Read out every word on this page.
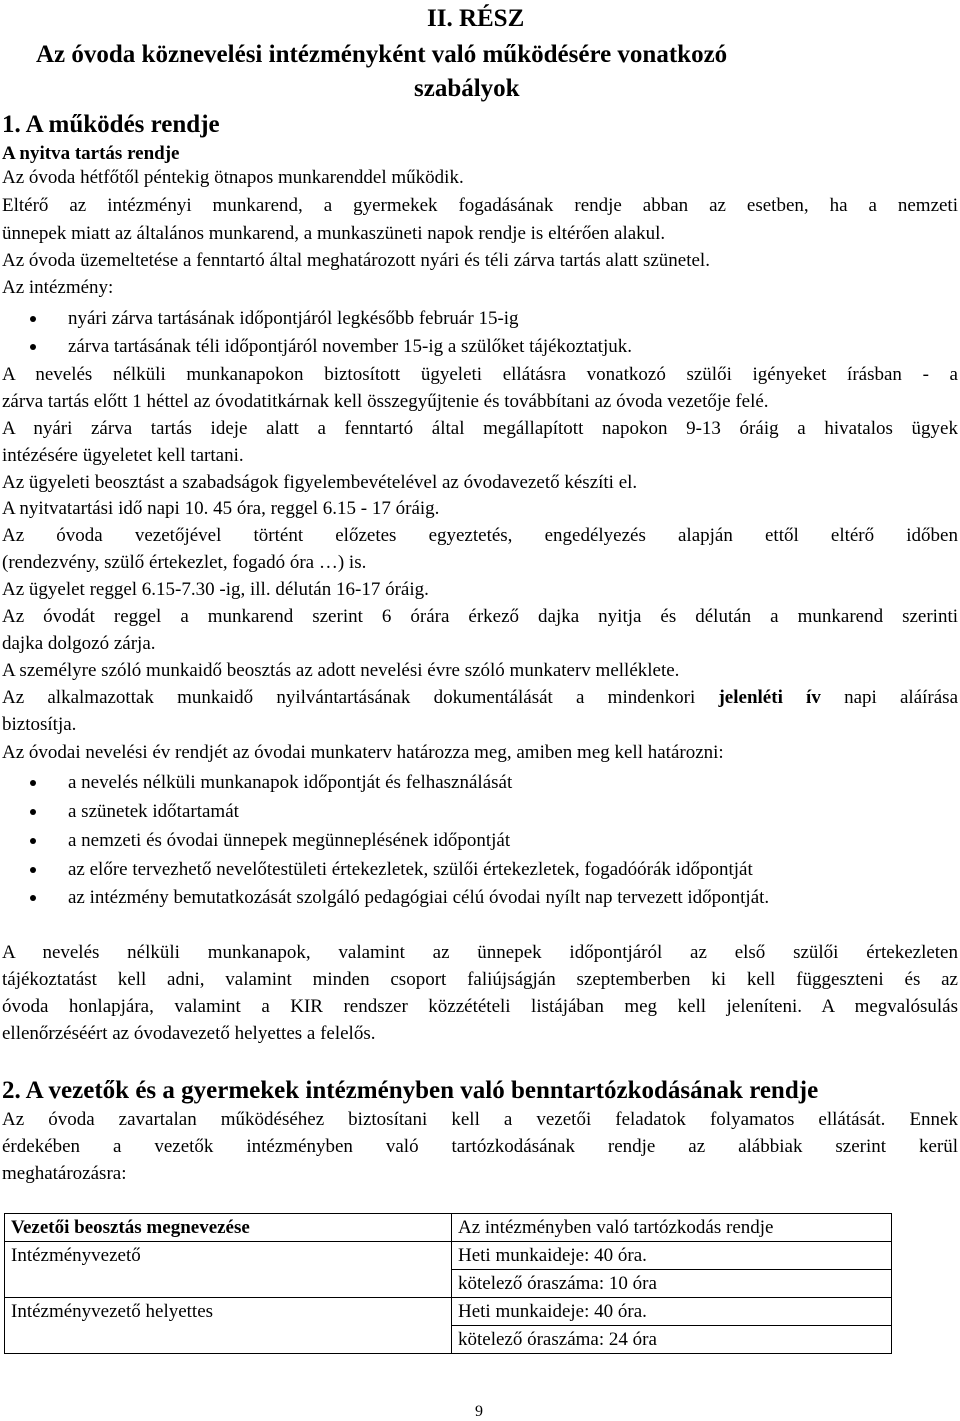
II. RÉSZ
Az óvoda köznevelési intézményként való működésére vonatkozó
szabályok
1. A működés rendje
A nyitva tartás rendje
Az óvoda hétfőtől péntekig ötnapos munkarenddel működik.
Eltérő az intézményi munkarend, a gyermekek fogadásának rendje abban az esetben, ha a nemzeti
ünnepek miatt az általános munkarend, a munkaszüneti napok rendje is eltérően alakul.
Az óvoda üzemeltetése a fenntartó által meghatározott nyári és téli zárva tartás alatt szünetel.
Az intézmény:
nyári zárva tartásának időpontjáról legkésőbb február 15-ig
zárva tartásának téli időpontjáról november 15-ig a szülőket tájékoztatjuk.
A nevelés nélküli munkanapokon biztosított ügyeleti ellátásra vonatkozó szülői igényeket írásban - a
zárva tartás előtt 1 héttel az óvodatitkárnak kell összegyűjtenie és továbbítani az óvoda vezetője felé.
A nyári zárva tartás ideje alatt a fenntartó által megállapított napokon 9-13 óráig a hivatalos ügyek
intézésére ügyeletet kell tartani.
Az ügyeleti beosztást a szabadságok figyelembevételével az óvodavezető készíti el.
A nyitvatartási idő napi 10. 45 óra, reggel 6.15 - 17 óráig.
Az óvoda vezetőjével történt előzetes egyeztetés, engedélyezés alapján ettől eltérő időben
(rendezvény, szülő értekezlet, fogadó óra …) is.
Az ügyelet reggel 6.15-7.30 -ig, ill. délután 16-17 óráig.
Az óvodát reggel a munkarend szerint 6 órára érkező dajka nyitja és délután a munkarend szerinti
dajka dolgozó zárja.
A személyre szóló munkaidő beosztás az adott nevelési évre szóló munkaterv melléklete.
Az alkalmazottak munkaidő nyilvántartásának dokumentálását a mindenkori jelenléti ív napi aláírása
biztosítja.
Az óvodai nevelési év rendjét az óvodai munkaterv határozza meg, amiben meg kell határozni:
a nevelés nélküli munkanapok időpontját és felhasználását
a szünetek időtartamát
a nemzeti és óvodai ünnepek megünneplésének időpontját
az előre tervezhető nevelőtestületi értekezletek, szülői értekezletek, fogadóórák időpontját
az intézmény bemutatkozását szolgáló pedagógiai célú óvodai nyílt nap tervezett időpontját.
A nevelés nélküli munkanapok, valamint az ünnepek időpontjáról az első szülői értekezleten
tájékoztatást kell adni, valamint minden csoport faliújságján szeptemberben ki kell függeszteni és az
óvoda honlapjára, valamint a KIR rendszer közzétételi listájában meg kell jeleníteni. A megvalósulás
ellenőrzéséért az óvodavezető helyettes a felelős.
2. A vezetők és a gyermekek intézményben való benntartózkodásának rendje
Az óvoda zavartalan működéséhez biztosítani kell a vezetői feladatok folyamatos ellátását. Ennek
érdekében a vezetők intézményben való tartózkodásának rendje az alábbiak szerint kerül
meghatározásra:
Vezetői beosztás megnevezése	Az intézményben való tartózkodás rendje
Intézményvezető	Heti munkaideje: 40 óra.
	kötelező óraszáma: 10 óra
Intézményvezető helyettes	Heti munkaideje: 40 óra.
	kötelező óraszáma: 24 óra
9
